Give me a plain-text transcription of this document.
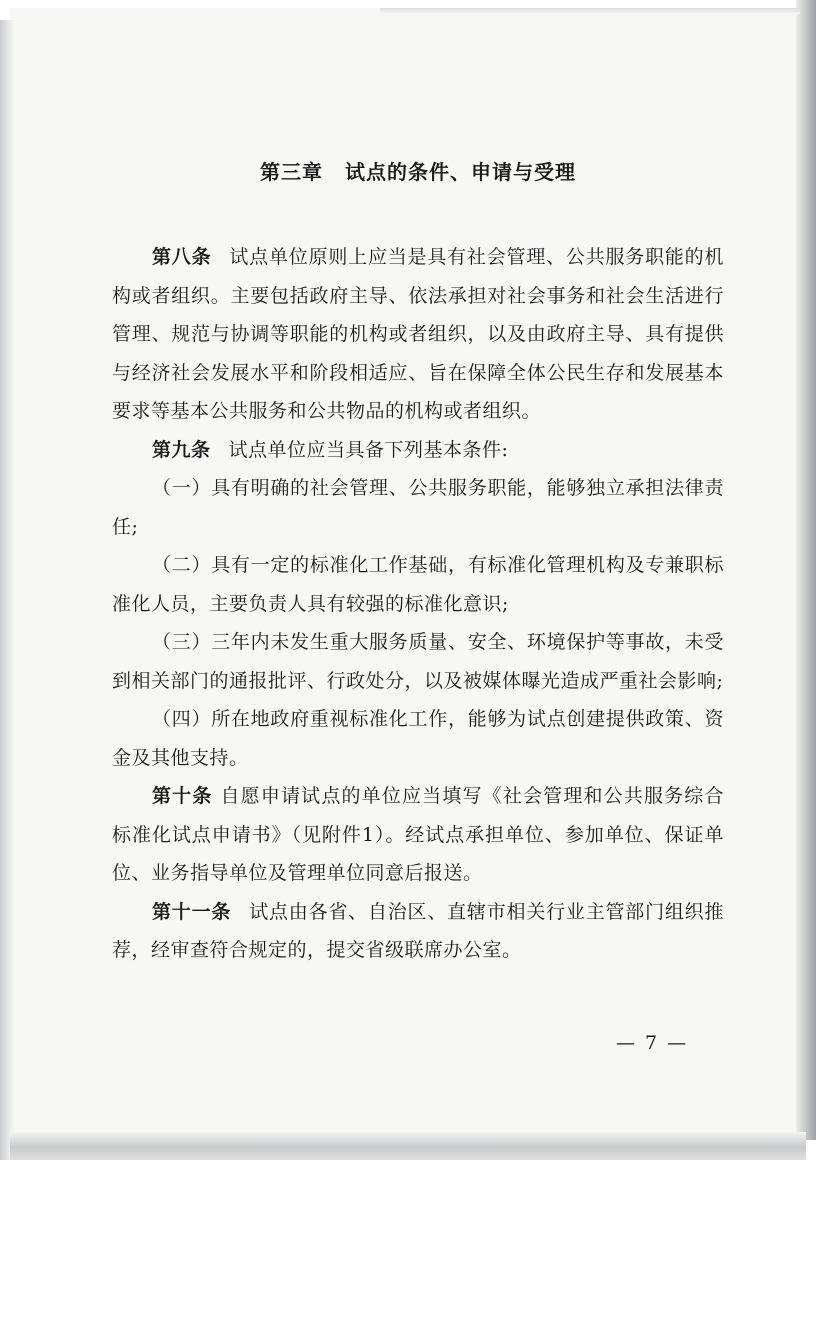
第三章 试点的条件、申请与受理

第八条 试点单位原则上应当是具有社会管理、公共服务职能的机构或者组织。主要包括政府主导、依法承担对社会事务和社会生活进行管理、规范与协调等职能的机构或者组织，以及由政府主导、具有提供与经济社会发展水平和阶段相适应、旨在保障全体公民生存和发展基本要求等基本公共服务和公共物品的机构或者组织。

第九条 试点单位应当具备下列基本条件:

（一）具有明确的社会管理、公共服务职能，能够独立承担法律责任;

（二）具有一定的标准化工作基础，有标准化管理机构及专兼职标准化人员，主要负责人具有较强的标准化意识;

（三）三年内未发生重大服务质量、安全、环境保护等事故，未受到相关部门的通报批评、行政处分，以及被媒体曝光造成严重社会影响;

（四）所在地政府重视标准化工作，能够为试点创建提供政策、资金及其他支持。

第十条 自愿申请试点的单位应当填写《社会管理和公共服务综合标准化试点申请书》（见附件1）。经试点承担单位、参加单位、保证单位、业务指导单位及管理单位同意后报送。

第十一条 试点由各省、自治区、直辖市相关行业主管部门组织推荐，经审查符合规定的，提交省级联席办公室。

— 7 —
